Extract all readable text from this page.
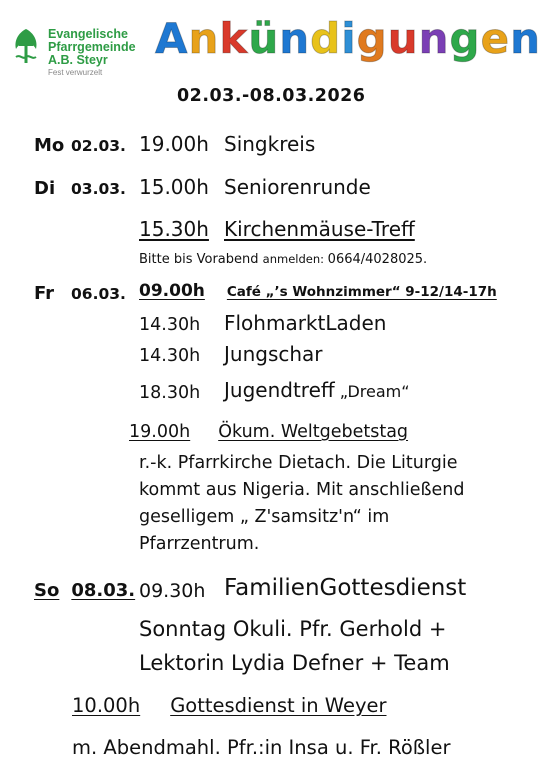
Evangelische
Pfarrgemeinde
A.B. Steyr
Fest verwurzelt
Ankündigungen
02.03.-08.03.2026
Mo 02.03. 19.00h Singkreis
Di 03.03. 15.00h Seniorenrunde
15.30h Kirchenmäuse-Treff
Bitte bis Vorabend anmelden: 0664/4028025.
Fr 06.03. 09.00h Café „’s Wohnzimmer“ 9-12/14-17h
14.30h FlohmarktLaden
14.30h Jungschar
18.30h Jugendtreff „Dream“
19.00h Ökum. Weltgebetstag
r.-k. Pfarrkirche Dietach. Die Liturgie
kommt aus Nigeria. Mit anschließend
geselligem „ Z'samsitz'n“ im
Pfarrzentrum.
So 08.03. 09.30h FamilienGottesdienst
Sonntag Okuli. Pfr. Gerhold +
Lektorin Lydia Defner + Team
10.00h Gottesdienst in Weyer
m. Abendmahl. Pfr.:in Insa u. Fr. Rößler
